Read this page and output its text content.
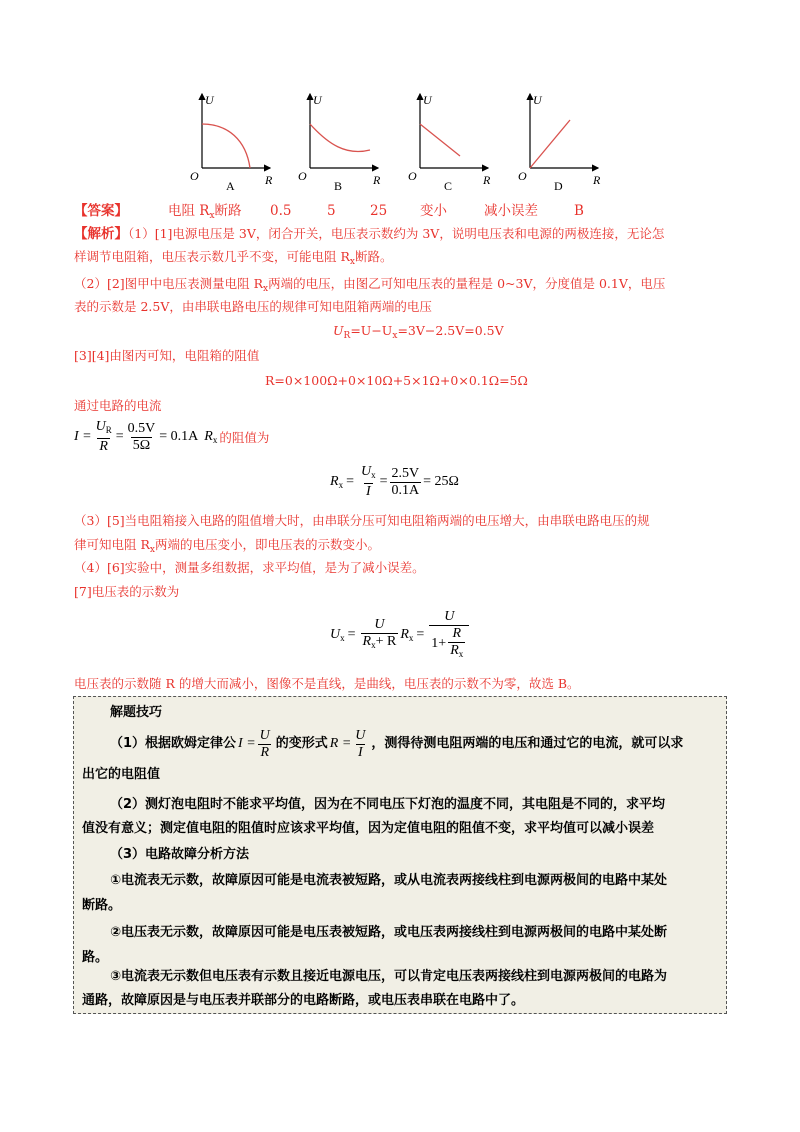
U
O	R
A
U
O	R
B
U
O	R
C
U
O	R
D
【答案】	电阻 $R_x$断路 0.5	5	25 变小	减小误差	B
【解析】（1）[1]电源电压是 3V，闭合开关，电压表示数约为 3V，说明电压表和电源的两极连接，无论怎
样调节电阻箱，电压表示数几乎不变，可能电阻 $R_x$断路。
（2）[2]图甲中电压表测量电阻 $R_x$两端的电压，由图乙可知电压表的量程是 0~3V，分度值是 0.1V，电压
表的示数是 2.5V，由串联电路电压的规律可知电阻箱两端的电压
$U_R=U-U_x=3V-2.5V=0.5V$
[3][4]由图丙可知，电阻箱的阻值
R=0×100Ω+0×10Ω+5×1Ω+0×0.1Ω=5Ω
通过电路的电流
$I = \frac{U_R}{R} = \frac{0.5V}{5\Omega} = 0.1A$ $R_x$ 的阻值为
$R_x = \frac{U_x}{I} = \frac{2.5V}{0.1A} = 25\Omega$
（3）[5]当电阻箱接入电路的阻值增大时，由串联分压可知电阻箱两端的电压增大，由串联电路电压的规
律可知电阻 $R_x$两端的电压变小，即电压表的示数变小。
（4）[6]实验中，测量多组数据，求平均值，是为了减小误差。
[7]电压表的示数为
$U_x = \frac{U}{R_x+ R} R_x = \frac{U}{1+ \frac{R}{R_x}}$
电压表的示数随 R 的增大而减小，图像不是直线，是曲线，电压表的示数不为零，故选 B。
解题技巧
（1）根据欧姆定律公 $I = \frac{U}{R}$ 的变形式 $R = \frac{U}{I}$ ，测得待测电阻两端的电压和通过它的电流，就可以求
出它的电阻值
（2）测灯泡电阻时不能求平均值，因为在不同电压下灯泡的温度不同，其电阻是不同的，求平均
值没有意义；测定值电阻的阻值时应该求平均值，因为定值电阻的阻值不变，求平均值可以减小误差
（3）电路故障分析方法
①电流表无示数，故障原因可能是电流表被短路，或从电流表两接线柱到电源两极间的电路中某处
断路。
②电压表无示数，故障原因可能是电压表被短路，或电压表两接线柱到电源两极间的电路中某处断
路。
③电流表无示数但电压表有示数且接近电源电压，可以肯定电压表两接线柱到电源两极间的电路为
通路，故障原因是与电压表并联部分的电路断路，或电压表串联在电路中了。
